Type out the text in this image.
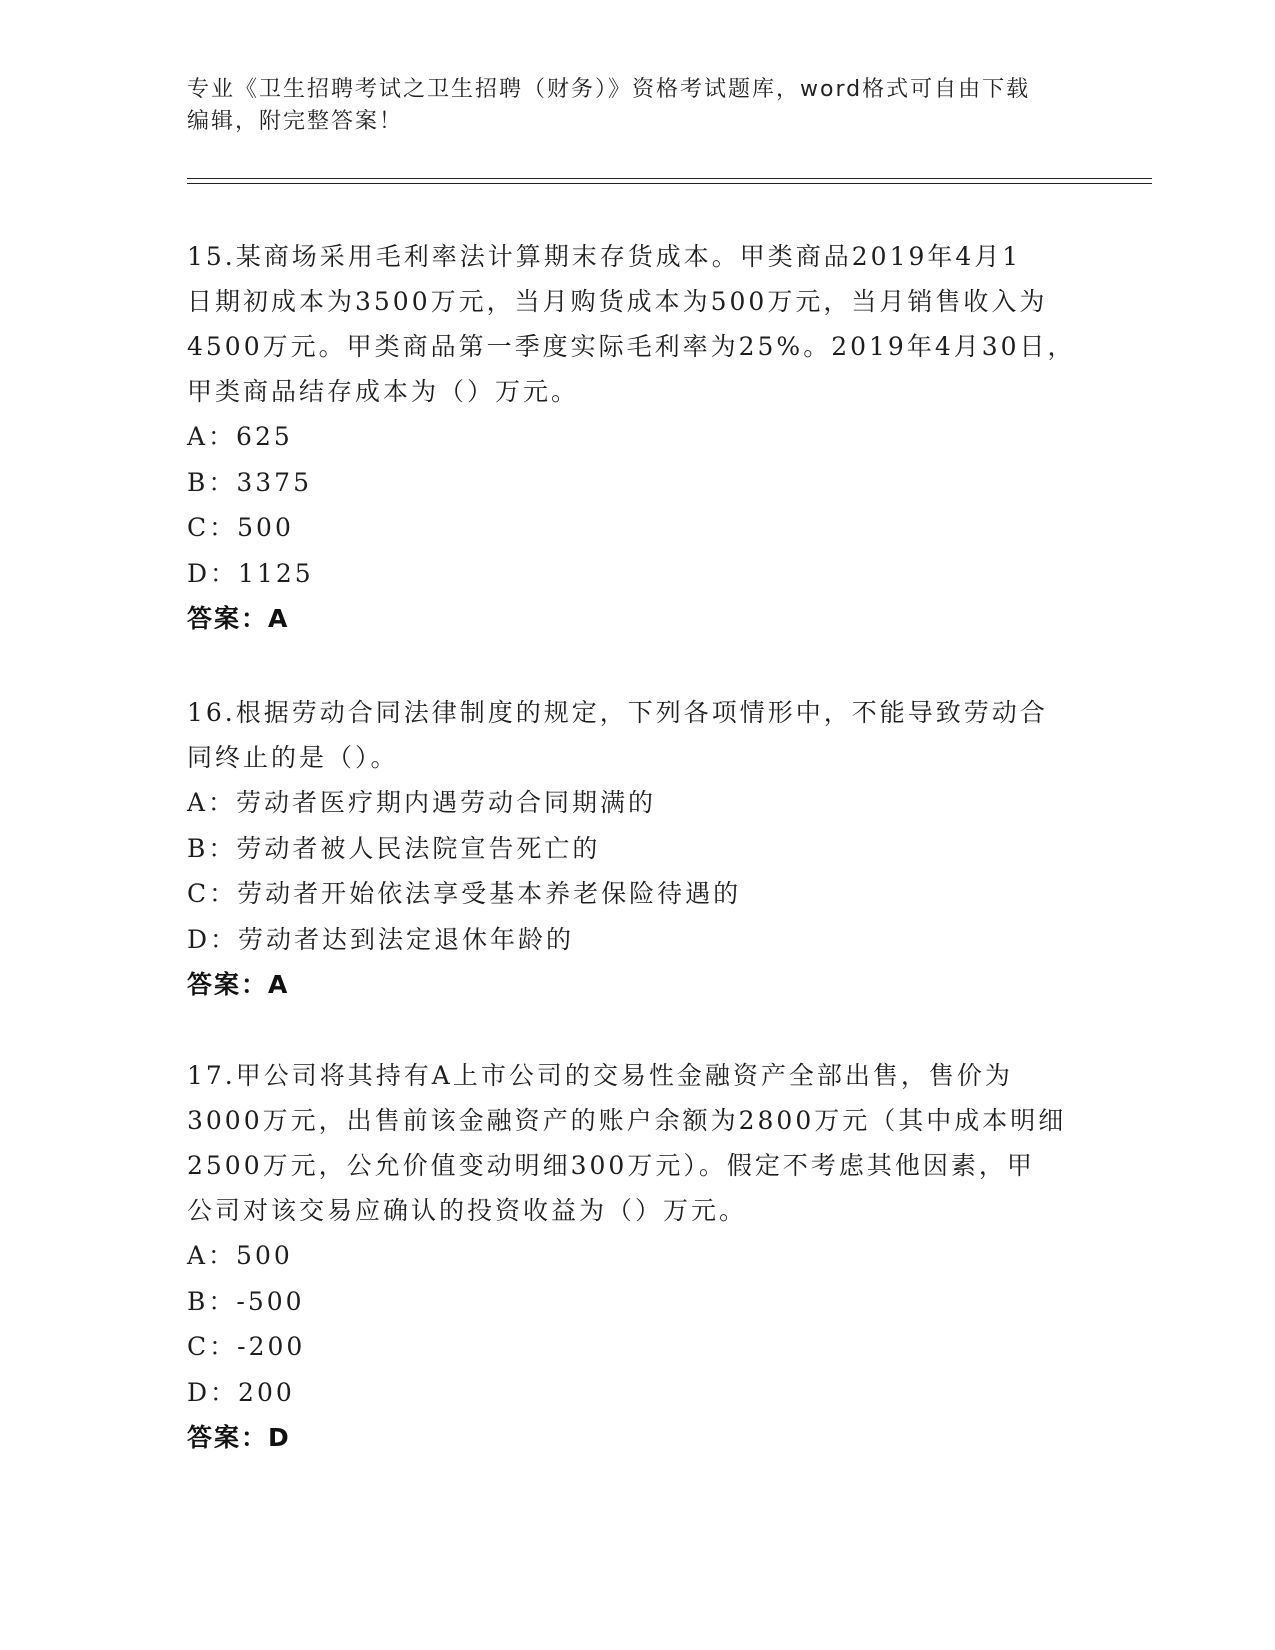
专业《卫生招聘考试之卫生招聘（财务）》资格考试题库，word格式可自由下载
编辑，附完整答案！
15.某商场采用毛利率法计算期末存货成本。甲类商品2019年4月1
日期初成本为3500万元，当月购货成本为500万元，当月销售收入为
4500万元。甲类商品第一季度实际毛利率为25%。2019年4月30日，
甲类商品结存成本为（）万元。
A：625
B：3375
C：500
D：1125
答案：A
16.根据劳动合同法律制度的规定，下列各项情形中，不能导致劳动合
同终止的是（）。
A：劳动者医疗期内遇劳动合同期满的
B：劳动者被人民法院宣告死亡的
C：劳动者开始依法享受基本养老保险待遇的
D：劳动者达到法定退休年龄的
答案：A
17.甲公司将其持有A上市公司的交易性金融资产全部出售，售价为
3000万元，出售前该金融资产的账户余额为2800万元（其中成本明细
2500万元，公允价值变动明细300万元）。假定不考虑其他因素，甲
公司对该交易应确认的投资收益为（）万元。
A：500
B：-500
C：-200
D：200
答案：D
